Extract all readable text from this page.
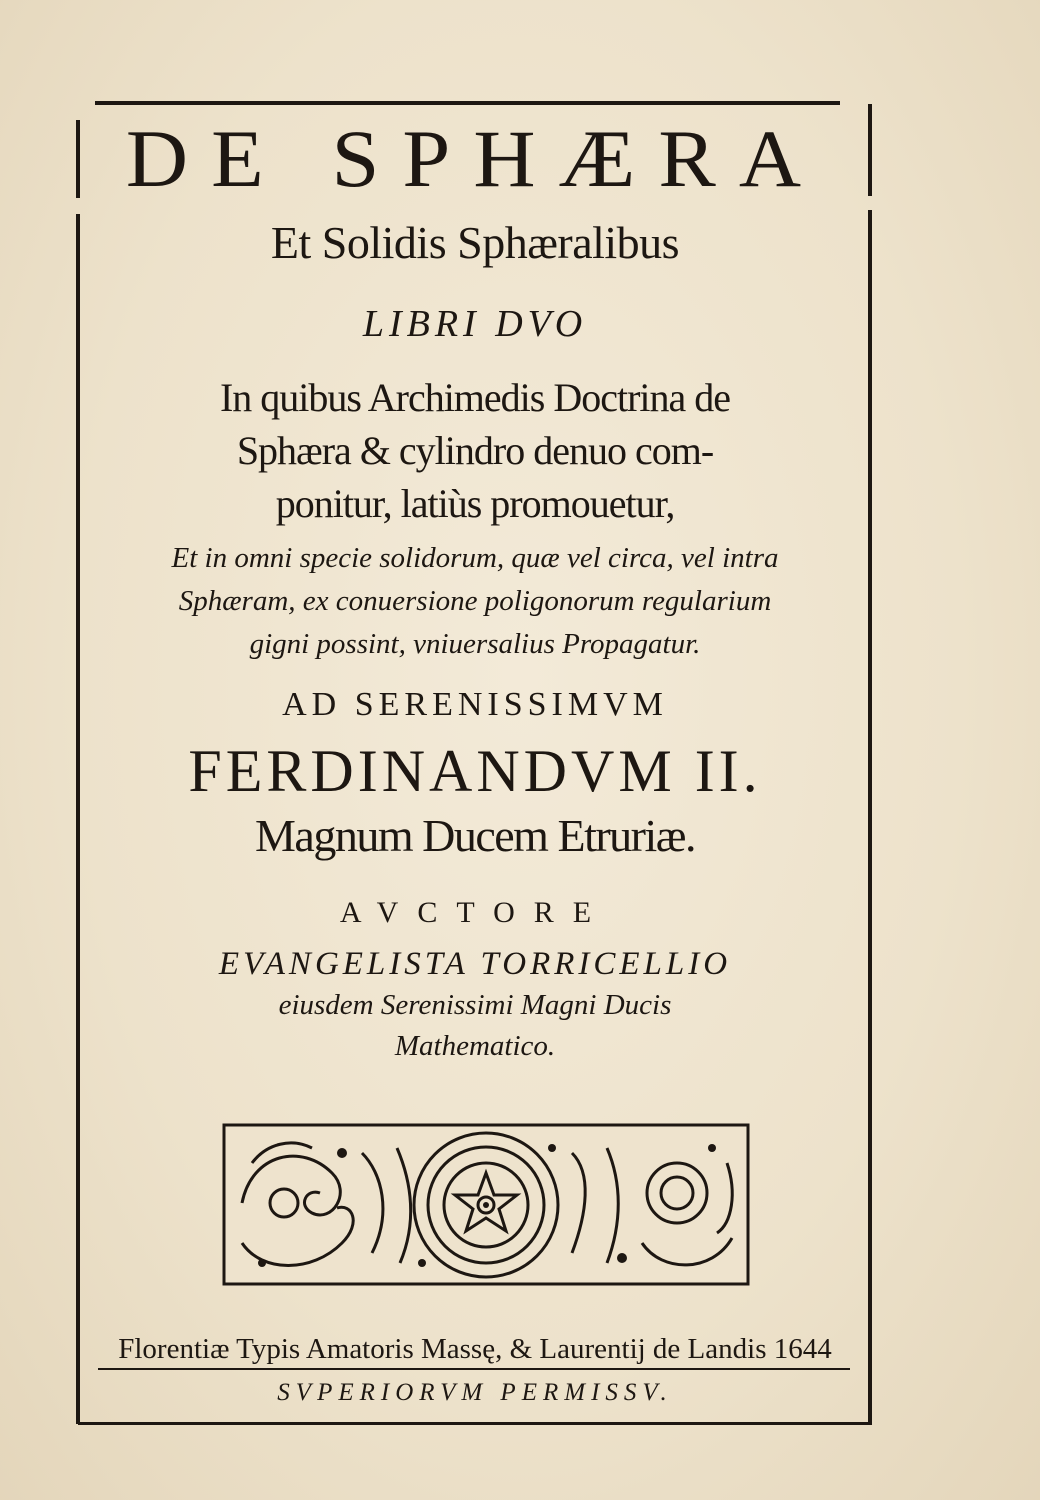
DE SPHÆRA
Et Solidis Sphæralibus
LIBRI DVO
In quibus Archimedis Doctrina de
Sphæra & cylindro denuo com-
ponitur, latiùs promouetur,
Et in omni specie solidorum, quæ vel circa, vel intra
Sphæram, ex conuersione poligonorum regularium
gigni possint, vniuersalius Propagatur.
AD SERENISSIMVM
FERDINANDVM II.
Magnum Ducem Etruriæ.
AVCTORE
EVANGELISTA TORRICELLIO
eiusdem Serenissimi Magni Ducis
Mathematico.
Florentiæ Typis Amatoris Massę, & Laurentij de Landis 1644
SVPERIORVM PERMISSV.
